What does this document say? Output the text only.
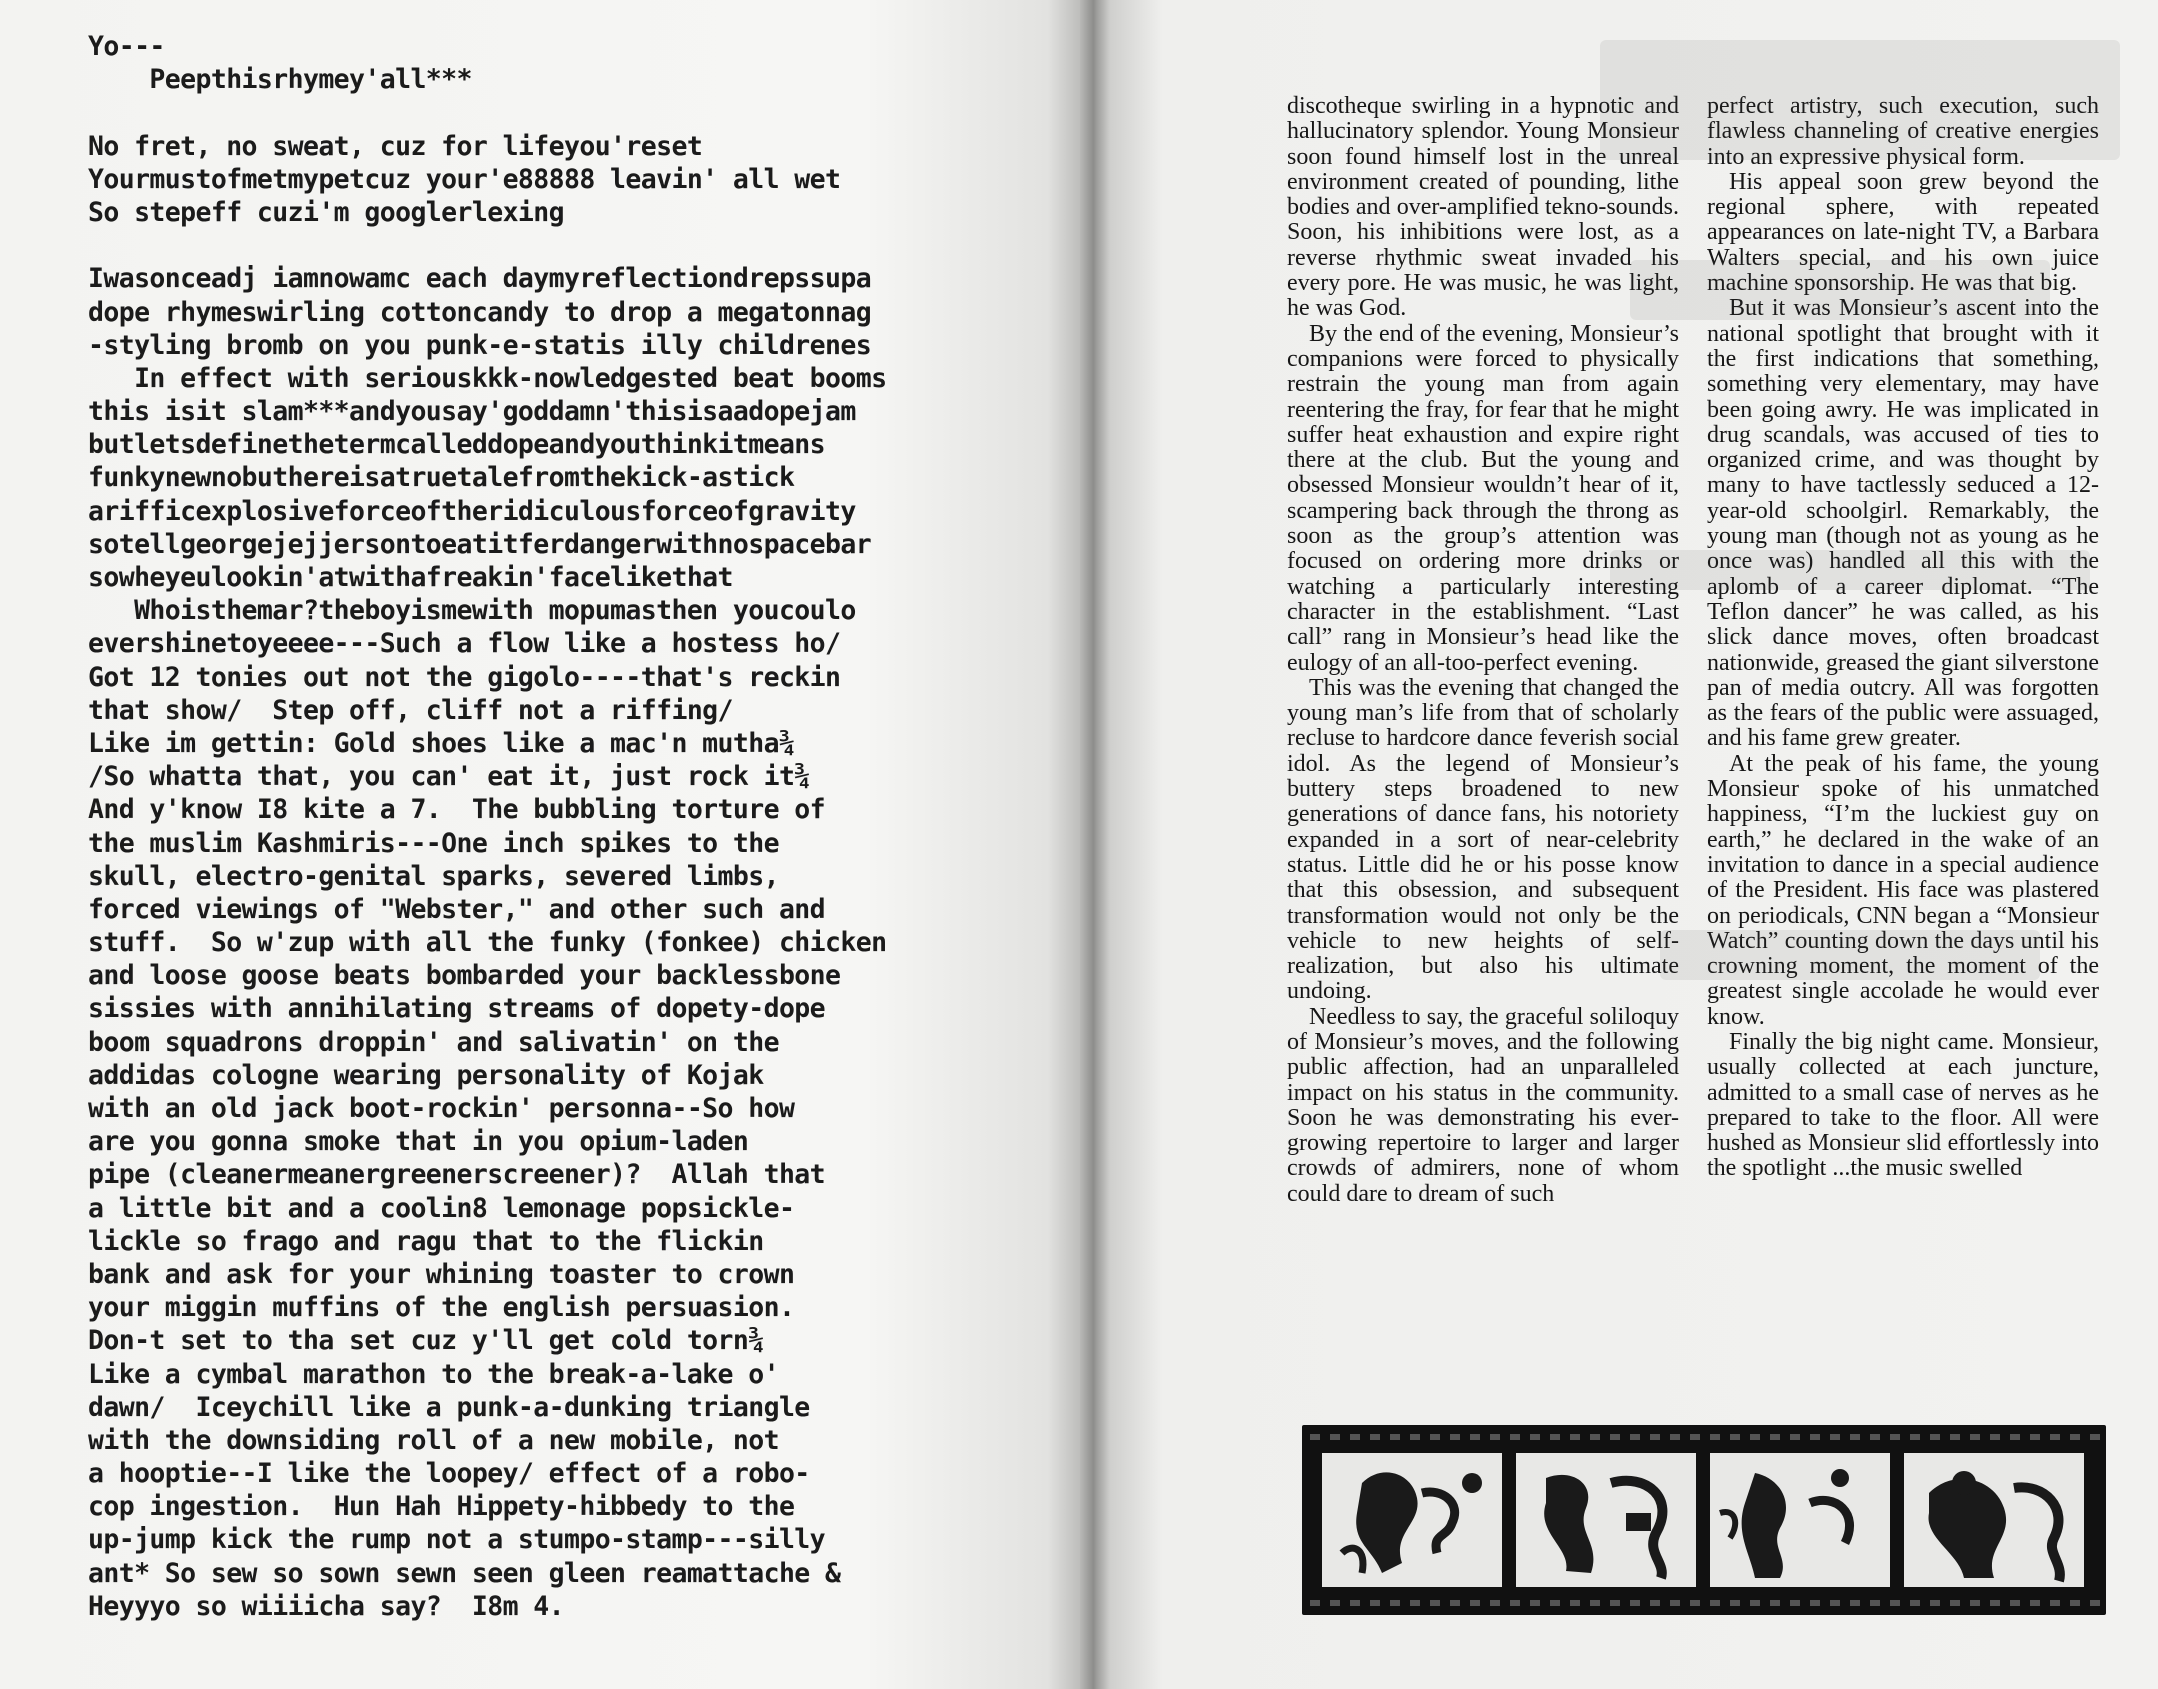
Yo---
Peepthisrhymey'all***
No fret, no sweat, cuz for lifeyou'reset
Yourmustofmetmypetcuz your'e88888 leavin' all wet
So stepeff cuzi'm googlerlexing
Iwasonceadj iamnowamc each daymyreflectiondrepssupa
dope rhymeswirling cottoncandy to drop a megatonnag
-styling bromb on you punk-e-statis illy childrenes
In effect with seriouskkk-nowledgested beat booms
this isit slam***andyousay'goddamn'thisisaadopejam
butletsdefinethetermcalleddopeandyouthinkitmeans
funkynewnobuthereisatruetalefromthekick-astick
arifficexplosiveforceoftheridiculousforceofgravity
sotellgeorgejejjersontoeatitferdangerwithnospacebar
sowheyeulookin'atwithafreakin'facelikethat
Whoisthemar?theboyismewith mopumasthen youcoulo
evershinetoyeeee---Such a flow like a hostess ho/
Got 12 tonies out not the gigolo----that's reckin
that show/  Step off, cliff not a riffing/
Like im gettin: Gold shoes like a mac'n mutha¾
/So whatta that, you can' eat it, just rock it¾
And y'know I8 kite a 7.  The bubbling torture of
the muslim Kashmiris---One inch spikes to the
skull, electro-genital sparks, severed limbs,
forced viewings of "Webster," and other such and
stuff.  So w'zup with all the funky (fonkee) chicken
and loose goose beats bombarded your backlessbone
sissies with annihilating streams of dopety-dope
boom squadrons droppin' and salivatin' on the
addidas cologne wearing personality of Kojak
with an old jack boot-rockin' personna--So how
are you gonna smoke that in you opium-laden
pipe (cleanermeanergreenerscreener)?  Allah that
a little bit and a coolin8 lemonage popsickle-
lickle so frago and ragu that to the flickin
bank and ask for your whining toaster to crown
your miggin muffins of the english persuasion.
Don-t set to tha set cuz y'll get cold torn¾
Like a cymbal marathon to the break-a-lake o'
dawn/  Iceychill like a punk-a-dunking triangle
with the downsiding roll of a new mobile, not
a hooptie--I like the loopey/ effect of a robo-
cop ingestion.  Hun Hah Hippety-hibbedy to the
up-jump kick the rump not a stumpo-stamp---silly
ant* So sew so sown sewn seen gleen reamattache &
Heyyyo so wiiiicha say?  I8m 4.

discotheque swirling in a hypnotic and hallucinatory splendor. Young Monsieur soon found himself lost in the unreal environment created of pounding, lithe bodies and over-amplified tekno-sounds. Soon, his inhibitions were lost, as a reverse rhythmic sweat invaded his every pore. He was music, he was light, he was God.

By the end of the evening, Monsieur’s companions were forced to physically restrain the young man from again reentering the fray, for fear that he might suffer heat exhaustion and expire right there at the club. But the young and obsessed Monsieur wouldn’t hear of it, scampering back through the throng as soon as the group’s attention was focused on ordering more drinks or watching a particularly interesting character in the establishment. “Last call” rang in Monsieur’s head like the eulogy of an all-too-perfect evening.

This was the evening that changed the young man’s life from that of scholarly recluse to hardcore dance feverish social idol. As the legend of Monsieur’s buttery steps broadened to new generations of dance fans, his notoriety expanded in a sort of near-celebrity status. Little did he or his posse know that this obsession, and subsequent transformation would not only be the vehicle to new heights of self-realization, but also his ultimate undoing.

Needless to say, the graceful soliloquy of Monsieur’s moves, and the following public affection, had an unparalleled impact on his status in the community. Soon he was demonstrating his ever-growing repertoire to larger and larger crowds of admirers, none of whom could dare to dream of such

perfect artistry, such execution, such flawless channeling of creative energies into an expressive physical form.

His appeal soon grew beyond the regional sphere, with repeated appearances on late-night TV, a Barbara Walters special, and his own juice machine sponsorship. He was that big.

But it was Monsieur’s ascent into the national spotlight that brought with it the first indications that something, something very elementary, may have been going awry. He was implicated in drug scandals, was accused of ties to organized crime, and was thought by many to have tactlessly seduced a 12-year-old schoolgirl. Remarkably, the young man (though not as young as he once was) handled all this with the aplomb of a career diplomat. “The Teflon dancer” he was called, as his slick dance moves, often broadcast nationwide, greased the giant silverstone pan of media outcry. All was forgotten as the fears of the public were assuaged, and his fame grew greater.

At the peak of his fame, the young Monsieur spoke of his unmatched happiness, “I’m the luckiest guy on earth,” he declared in the wake of an invitation to dance in a special audience of the President. His face was plastered on periodicals, CNN began a “Monsieur Watch” counting down the days until his crowning moment, the moment of the greatest single accolade he would ever know.

Finally the big night came. Monsieur, usually collected at each juncture, admitted to a small case of nerves as he prepared to take to the floor. All were hushed as Monsieur slid effortlessly into the spotlight ...the music swelled
